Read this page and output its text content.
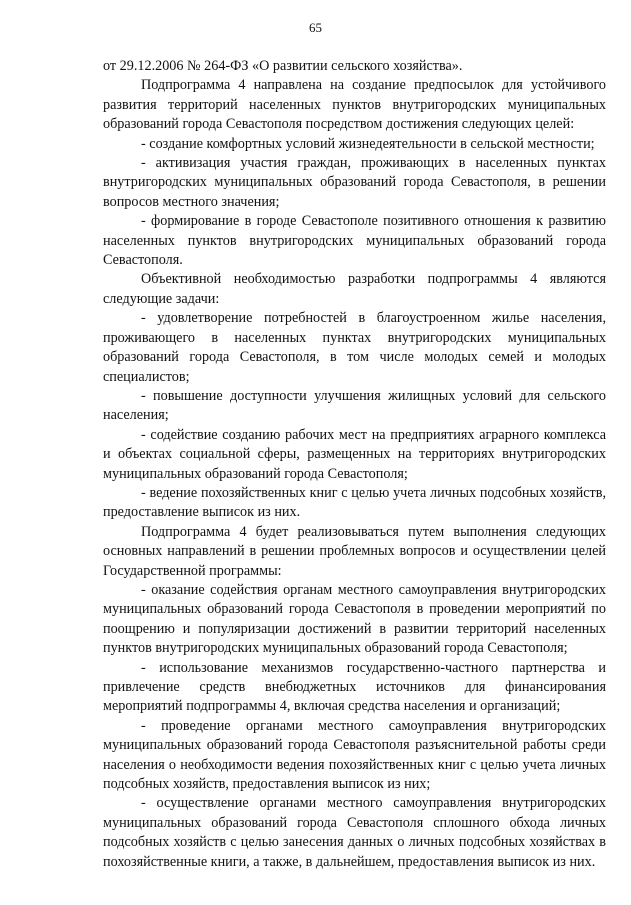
65

от 29.12.2006 № 264-ФЗ «О развитии сельского хозяйства».

Подпрограмма 4 направлена на создание предпосылок для устойчивого развития территорий населенных пунктов внутригородских муниципальных образований города Севастополя посредством достижения следующих целей:

- создание комфортных условий жизнедеятельности в сельской местности;

- активизация участия граждан, проживающих в населенных пунктах внутригородских муниципальных образований города Севастополя, в решении вопросов местного значения;

- формирование в городе Севастополе позитивного отношения к развитию населенных пунктов внутригородских муниципальных образований города Севастополя.

Объективной необходимостью разработки подпрограммы 4 являются следующие задачи:

- удовлетворение потребностей в благоустроенном жилье населения, проживающего в населенных пунктах внутригородских муниципальных образований города Севастополя, в том числе молодых семей и молодых специалистов;

- повышение доступности улучшения жилищных условий для сельского населения;

- содействие созданию рабочих мест на предприятиях аграрного комплекса и объектах социальной сферы, размещенных на территориях внутригородских муниципальных образований города Севастополя;

- ведение похозяйственных книг с целью учета личных подсобных хозяйств, предоставление выписок из них.

Подпрограмма 4 будет реализовываться путем выполнения следующих основных направлений в решении проблемных вопросов и осуществлении целей Государственной программы:

- оказание содействия органам местного самоуправления внутригородских муниципальных образований города Севастополя в проведении мероприятий по поощрению и популяризации достижений в развитии территорий населенных пунктов внутригородских муниципальных образований города Севастополя;

- использование механизмов государственно-частного партнерства и привлечение средств внебюджетных источников для финансирования мероприятий подпрограммы 4, включая средства населения и организаций;

- проведение органами местного самоуправления внутригородских муниципальных образований города Севастополя разъяснительной работы среди населения о необходимости ведения похозяйственных книг с целью учета личных подсобных хозяйств, предоставления выписок из них;

- осуществление органами местного самоуправления внутригородских муниципальных образований города Севастополя сплошного обхода личных подсобных хозяйств с целью занесения данных о личных подсобных хозяйствах в похозяйственные книги, а также, в дальнейшем, предоставления выписок из них.
